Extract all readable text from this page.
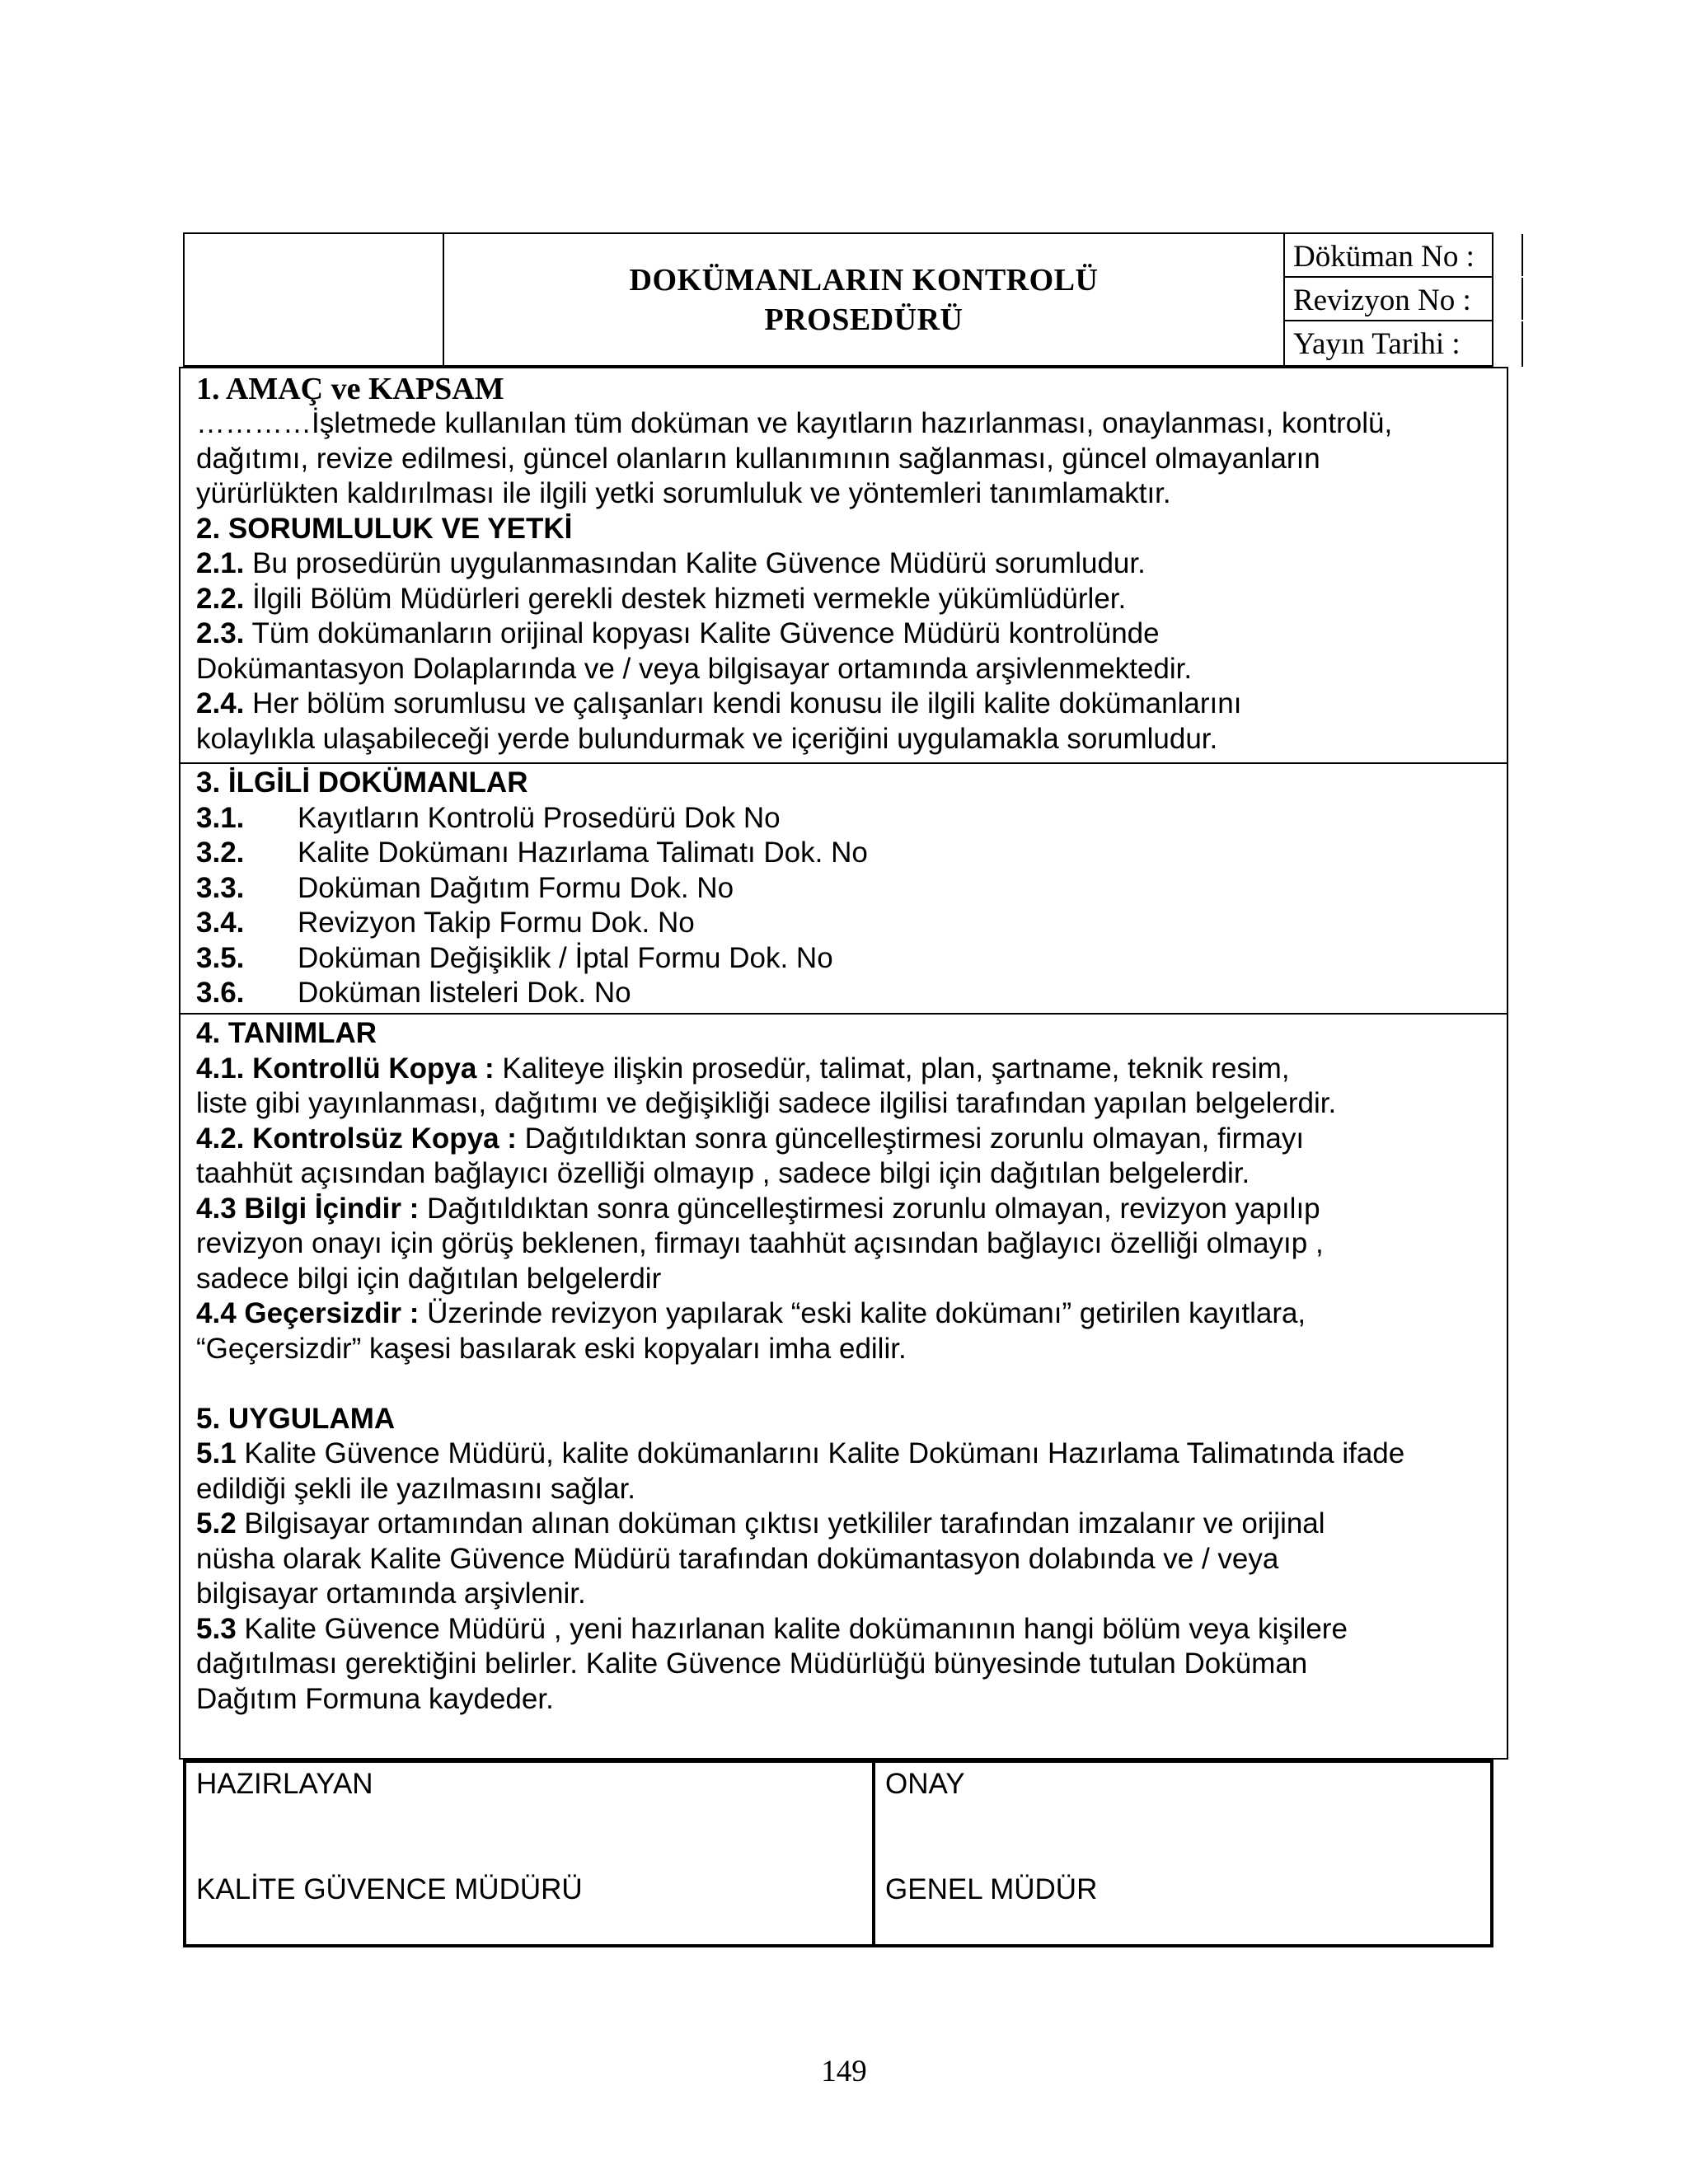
DOKÜMANLARIN KONTROLÜ
PROSEDÜRÜ
Döküman No :
Revizyon No :
Yayın Tarihi :
1. AMAÇ ve KAPSAM
…………İşletmede kullanılan tüm doküman ve kayıtların hazırlanması, onaylanması, kontrolü,
dağıtımı, revize edilmesi, güncel olanların kullanımının sağlanması, güncel olmayanların
yürürlükten kaldırılması ile ilgili yetki sorumluluk ve yöntemleri tanımlamaktır.
2. SORUMLULUK VE YETKİ
2.1. Bu prosedürün uygulanmasından Kalite Güvence Müdürü sorumludur.
2.2. İlgili Bölüm Müdürleri gerekli destek hizmeti vermekle yükümlüdürler.
2.3. Tüm dokümanların orijinal kopyası Kalite Güvence Müdürü kontrolünde
Dokümantasyon Dolaplarında ve / veya bilgisayar ortamında arşivlenmektedir.
2.4. Her bölüm sorumlusu ve çalışanları kendi konusu ile ilgili kalite dokümanlarını
kolaylıkla ulaşabileceği yerde bulundurmak ve içeriğini uygulamakla sorumludur.
3. İLGİLİ DOKÜMANLAR
3.1.	Kayıtların Kontrolü Prosedürü Dok No
3.2.	Kalite Dokümanı Hazırlama Talimatı Dok. No
3.3.	Doküman Dağıtım Formu Dok. No
3.4.	Revizyon Takip Formu Dok. No
3.5.	Doküman Değişiklik / İptal Formu Dok. No
3.6.	Doküman listeleri Dok. No
4. TANIMLAR
4.1. Kontrollü Kopya : Kaliteye ilişkin prosedür, talimat, plan, şartname, teknik resim,
liste gibi yayınlanması, dağıtımı ve değişikliği sadece ilgilisi tarafından yapılan belgelerdir.
4.2. Kontrolsüz Kopya : Dağıtıldıktan sonra güncelleştirmesi zorunlu olmayan, firmayı
taahhüt açısından bağlayıcı özelliği olmayıp , sadece bilgi için dağıtılan belgelerdir.
4.3 Bilgi İçindir : Dağıtıldıktan sonra güncelleştirmesi zorunlu olmayan, revizyon yapılıp
revizyon onayı için görüş beklenen, firmayı taahhüt açısından bağlayıcı özelliği olmayıp ,
sadece bilgi için dağıtılan belgelerdir
4.4 Geçersizdir : Üzerinde revizyon yapılarak “eski kalite dokümanı” getirilen kayıtlara,
“Geçersizdir” kaşesi basılarak eski kopyaları imha edilir.
5. UYGULAMA
5.1 Kalite Güvence Müdürü, kalite dokümanlarını Kalite Dokümanı Hazırlama Talimatında ifade
edildiği şekli ile yazılmasını sağlar.
5.2 Bilgisayar ortamından alınan doküman çıktısı yetkililer tarafından imzalanır ve orijinal
nüsha olarak Kalite Güvence Müdürü tarafından dokümantasyon dolabında ve / veya
bilgisayar ortamında arşivlenir.
5.3 Kalite Güvence Müdürü , yeni hazırlanan kalite dokümanının hangi bölüm veya kişilere
dağıtılması gerektiğini belirler. Kalite Güvence Müdürlüğü bünyesinde tutulan Doküman
Dağıtım Formuna kaydeder.
HAZIRLAYAN
KALİTE GÜVENCE MÜDÜRÜ
ONAY
GENEL MÜDÜR
149
